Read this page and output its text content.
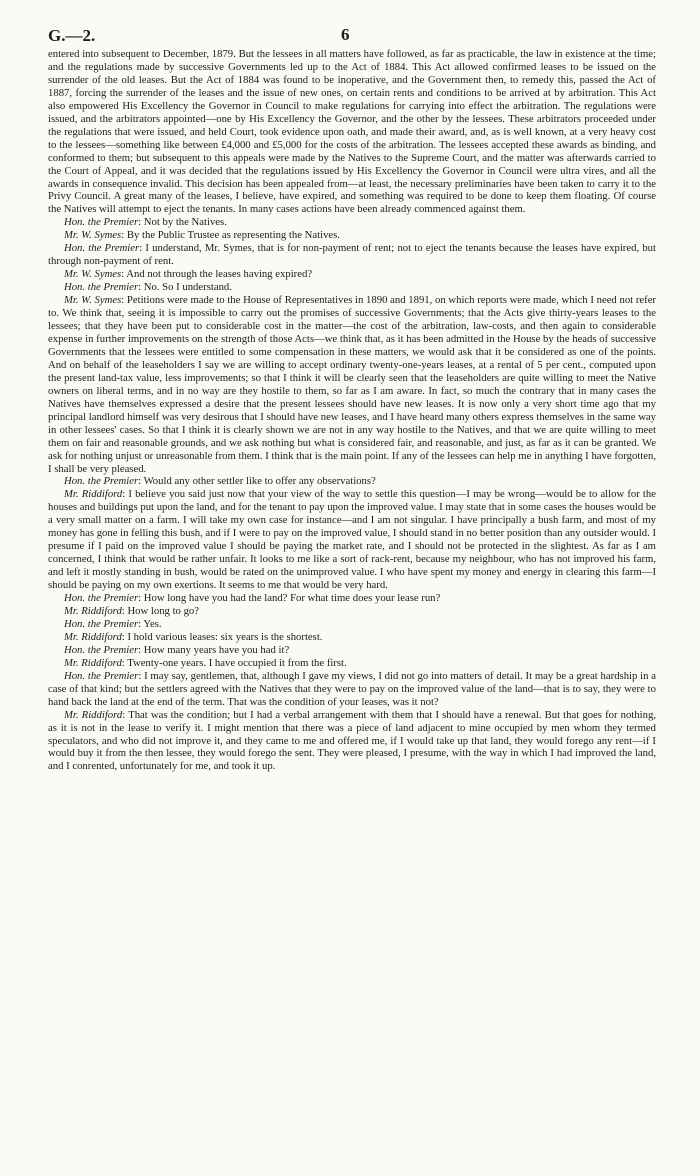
G.—2.	6

entered into subsequent to December, 1879. But the lessees in all matters have followed, as far as practicable, the law in existence at the time; and the regulations made by successive Governments led up to the Act of 1884. This Act allowed confirmed leases to be issued on the surrender of the old leases. But the Act of 1884 was found to be inoperative, and the Government then, to remedy this, passed the Act of 1887, forcing the surrender of the leases and the issue of new ones, on certain rents and conditions to be arrived at by arbitration. This Act also empowered His Excellency the Governor in Council to make regulations for carrying into effect the arbitration. The regulations were issued, and the arbitrators appointed—one by His Excellency the Governor, and the other by the lessees. These arbitrators proceeded under the regulations that were issued, and held Court, took evidence upon oath, and made their award, and, as is well known, at a very heavy cost to the lessees—something like between £4,000 and £5,000 for the costs of the arbitration. The lessees accepted these awards as binding, and conformed to them; but subsequent to this appeals were made by the Natives to the Supreme Court, and the matter was afterwards carried to the Court of Appeal, and it was decided that the regulations issued by His Excellency the Governor in Council were ultra vires, and all the awards in consequence invalid. This decision has been appealed from—at least, the necessary preliminaries have been taken to carry it to the Privy Council. A great many of the leases, I believe, have expired, and something was required to be done to keep them floating. Of course the Natives will attempt to eject the tenants. In many cases actions have been already commenced against them.

Hon. the Premier: Not by the Natives.

Mr. W. Symes: By the Public Trustee as representing the Natives.

Hon. the Premier: I understand, Mr. Symes, that is for non-payment of rent; not to eject the tenants because the leases have expired, but through non-payment of rent.

Mr. W. Symes: And not through the leases having expired?

Hon. the Premier: No. So I understand.

Mr. W. Symes: Petitions were made to the House of Representatives in 1890 and 1891, on which reports were made, which I need not refer to. We think that, seeing it is impossible to carry out the promises of successive Governments; that the Acts give thirty-years leases to the lessees; that they have been put to considerable cost in the matter—the cost of the arbitration, law-costs, and then again to considerable expense in further improvements on the strength of those Acts—we think that, as it has been admitted in the House by the heads of successive Governments that the lessees were entitled to some compensation in these matters, we would ask that it be considered as one of the points. And on behalf of the leaseholders I say we are willing to accept ordinary twenty-one-years leases, at a rental of 5 per cent., computed upon the present land-tax value, less improvements; so that I think it will be clearly seen that the leaseholders are quite willing to meet the Native owners on liberal terms, and in no way are they hostile to them, so far as I am aware. In fact, so much the contrary that in many cases the Natives have themselves expressed a desire that the present lessees should have new leases. It is now only a very short time ago that my principal landlord himself was very desirous that I should have new leases, and I have heard many others express themselves in the same way in other lessees' cases. So that I think it is clearly shown we are not in any way hostile to the Natives, and that we are quite willing to meet them on fair and reasonable grounds, and we ask nothing but what is considered fair, and reasonable, and just, as far as it can be granted. We ask for nothing unjust or unreasonable from them. I think that is the main point. If any of the lessees can help me in anything I have forgotten, I shall be very pleased.

Hon. the Premier: Would any other settler like to offer any observations?

Mr. Riddiford: I believe you said just now that your view of the way to settle this question—I may be wrong—would be to allow for the houses and buildings put upon the land, and for the tenant to pay upon the improved value. I may state that in some cases the houses would be a very small matter on a farm. I will take my own case for instance—and I am not singular. I have principally a bush farm, and most of my money has gone in felling this bush, and if I were to pay on the improved value, I should stand in no better position than any outsider would. I presume if I paid on the improved value I should be paying the market rate, and I should not be protected in the slightest. As far as I am concerned, I think that would be rather unfair. It looks to me like a sort of rack-rent, because my neighbour, who has not improved his farm, and left it mostly standing in bush, would be rated on the unimproved value. I who have spent my money and energy in clearing this farm—I should be paying on my own exertions. It seems to me that would be very hard.

Hon. the Premier: How long have you had the land? For what time does your lease run?

Mr. Riddiford: How long to go?

Hon. the Premier: Yes.

Mr. Riddiford: I hold various leases: six years is the shortest.

Hon. the Premier: How many years have you had it?

Mr. Riddiford: Twenty-one years. I have occupied it from the first.

Hon. the Premier: I may say, gentlemen, that, although I gave my views, I did not go into matters of detail. It may be a great hardship in a case of that kind; but the settlers agreed with the Natives that they were to pay on the improved value of the land—that is to say, they were to hand back the land at the end of the term. That was the condition of your leases, was it not?

Mr. Riddiford: That was the condition; but I had a verbal arrangement with them that I should have a renewal. But that goes for nothing, as it is not in the lease to verify it. I might mention that there was a piece of land adjacent to mine occupied by men whom they termed speculators, and who did not improve it, and they came to me and offered me, if I would take up that land, they would forego any rent—if I would buy it from the then lessee, they would forego the sent. They were pleased, I presume, with the way in which I had improved the land, and I conrented, unfortunately for me, and took it up.
